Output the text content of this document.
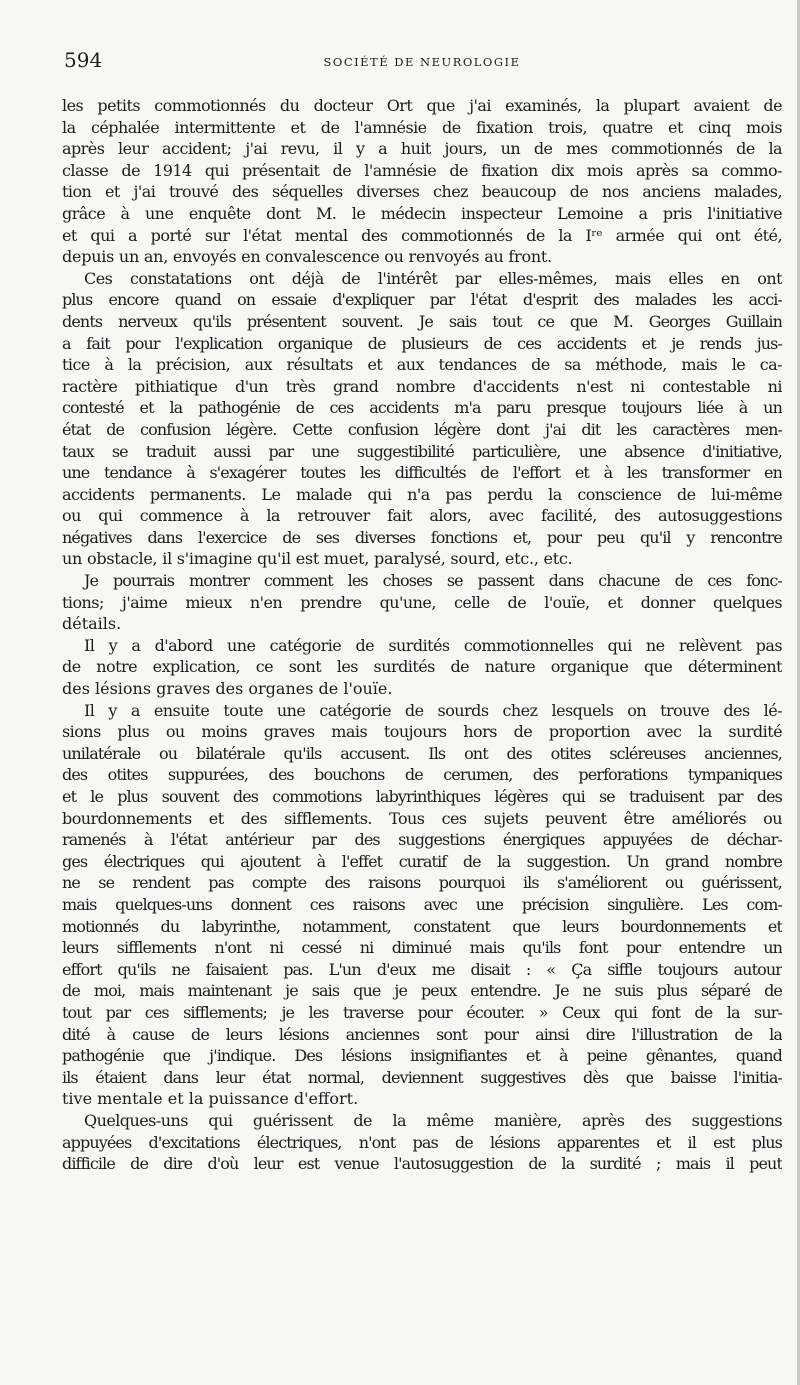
594	SOCIÉTÉ DE NEUROLOGIE
les petits commotionnés du docteur Ort que j'ai examinés, la plupart avaient de
la céphalée intermittente et de l'amnésie de fixation trois, quatre et cinq mois
après leur accident; j'ai revu, il y a huit jours, un de mes commotionnés de la
classe de 1914 qui présentait de l'amnésie de fixation dix mois après sa commo-
tion et j'ai trouvé des séquelles diverses chez beaucoup de nos anciens malades,
grâce à une enquête dont M. le médecin inspecteur Lemoine a pris l'initiative
et qui a porté sur l'état mental des commotionnés de la Iʳᵉ armée qui ont été,
depuis un an, envoyés en convalescence ou renvoyés au front.
Ces constatations ont déjà de l'intérêt par elles-mêmes, mais elles en ont
plus encore quand on essaie d'expliquer par l'état d'esprit des malades les acci-
dents nerveux qu'ils présentent souvent. Je sais tout ce que M. Georges Guillain
a fait pour l'explication organique de plusieurs de ces accidents et je rends jus-
tice à la précision, aux résultats et aux tendances de sa méthode, mais le ca-
ractère pithiatique d'un très grand nombre d'accidents n'est ni contestable ni
contesté et la pathogénie de ces accidents m'a paru presque toujours liée à un
état de confusion légère. Cette confusion légère dont j'ai dit les caractères men-
taux se traduit aussi par une suggestibilité particulière, une absence d'initiative,
une tendance à s'exagérer toutes les difficultés de l'effort et à les transformer en
accidents permanents. Le malade qui n'a pas perdu la conscience de lui-même
ou qui commence à la retrouver fait alors, avec facilité, des autosuggestions
négatives dans l'exercice de ses diverses fonctions et, pour peu qu'il y rencontre
un obstacle, il s'imagine qu'il est muet, paralysé, sourd, etc., etc.
Je pourrais montrer comment les choses se passent dans chacune de ces fonc-
tions; j'aime mieux n'en prendre qu'une, celle de l'ouïe, et donner quelques
détails.
Il y a d'abord une catégorie de surdités commotionnelles qui ne relèvent pas
de notre explication, ce sont les surdités de nature organique que déterminent
des lésions graves des organes de l'ouïe.
Il y a ensuite toute une catégorie de sourds chez lesquels on trouve des lé-
sions plus ou moins graves mais toujours hors de proportion avec la surdité
unilatérale ou bilatérale qu'ils accusent. Ils ont des otites scléreuses anciennes,
des otites suppurées, des bouchons de cerumen, des perforations tympaniques
et le plus souvent des commotions labyrinthiques légères qui se traduisent par des
bourdonnements et des sifflements. Tous ces sujets peuvent être améliorés ou
ramenés à l'état antérieur par des suggestions énergiques appuyées de déchar-
ges électriques qui ajoutent à l'effet curatif de la suggestion. Un grand nombre
ne se rendent pas compte des raisons pourquoi ils s'améliorent ou guérissent,
mais quelques-uns donnent ces raisons avec une précision singulière. Les com-
motionnés du labyrinthe, notamment, constatent que leurs bourdonnements et
leurs sifflements n'ont ni cessé ni diminué mais qu'ils font pour entendre un
effort qu'ils ne faisaient pas. L'un d'eux me disait : « Ça siffle toujours autour
de moi, mais maintenant je sais que je peux entendre. Je ne suis plus séparé de
tout par ces sifflements; je les traverse pour écouter. » Ceux qui font de la sur-
dité à cause de leurs lésions anciennes sont pour ainsi dire l'illustration de la
pathogénie que j'indique. Des lésions insignifiantes et à peine gênantes, quand
ils étaient dans leur état normal, deviennent suggestives dès que baisse l'initia-
tive mentale et la puissance d'effort.
Quelques-uns qui guérissent de la même manière, après des suggestions
appuyées d'excitations électriques, n'ont pas de lésions apparentes et il est plus
difficile de dire d'où leur est venue l'autosuggestion de la surdité ; mais il peut
